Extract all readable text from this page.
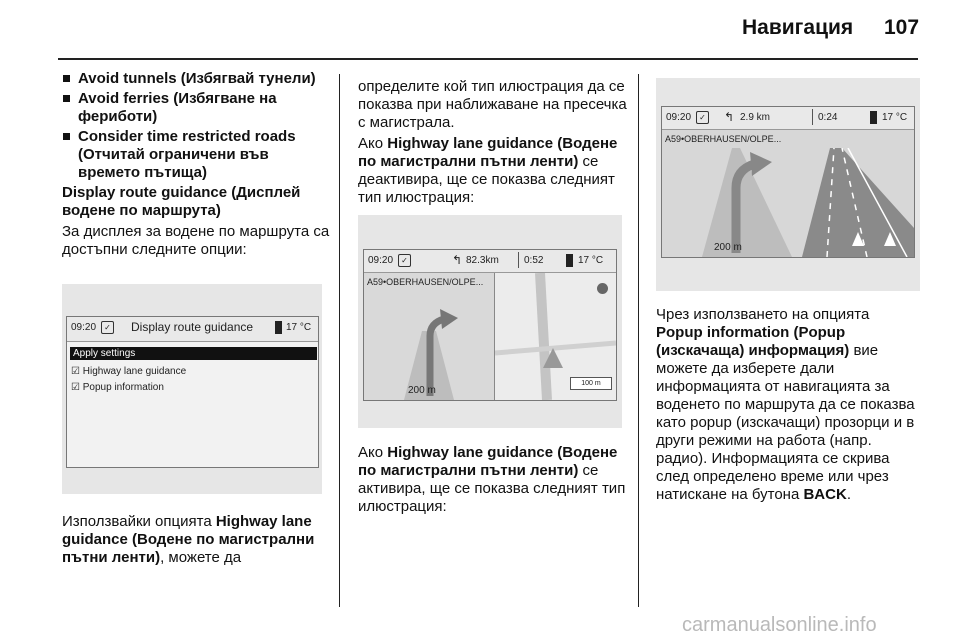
Навигация 107
Avoid tunnels (Избягвай тунели)
Avoid ferries (Избягване на фериботи)
Consider time restricted roads (Отчитай ограничени във времето пътища)

Display route guidance (Дисплей водене по маршрута)

За дисплея за водене по маршрута са достъпни следните опции:

09:20	✓ Display route guidance	17 °C
Apply settings
☑ Highway lane guidance
☑ Popup information

Използвайки опцията Highway lane guidance (Водене по магистрални пътни ленти), можете да

определите кой тип илюстрация да се показва при наближаване на пресечка с магистрала.

Ако Highway lane guidance (Водене по магистрални пътни ленти) се деактивира, ще се показва следният тип илюстрация:

09:20	✓	↰ 82.3km	0:52	17 °C
A59•OBERHAUSEN/OLPE...
200 m
100 m

Ако Highway lane guidance (Водене по магистрални пътни ленти) се активира, ще се показва следният тип илюстрация:

09:20	✓ ↰ 2.9 km	0:24	17 °C
A59•OBERHAUSEN/OLPE...
200 m

Чрез използването на опцията Popup information (Popup (изскачаща) информация) вие можете да изберете дали информацията от навигацията за воденето по маршрута да се показва като popup (изскачащи) прозорци и в други режими на работа (напр. радио). Информацията се скрива след определено време или чрез натискане на бутона BACK.

carmanualsonline.info
